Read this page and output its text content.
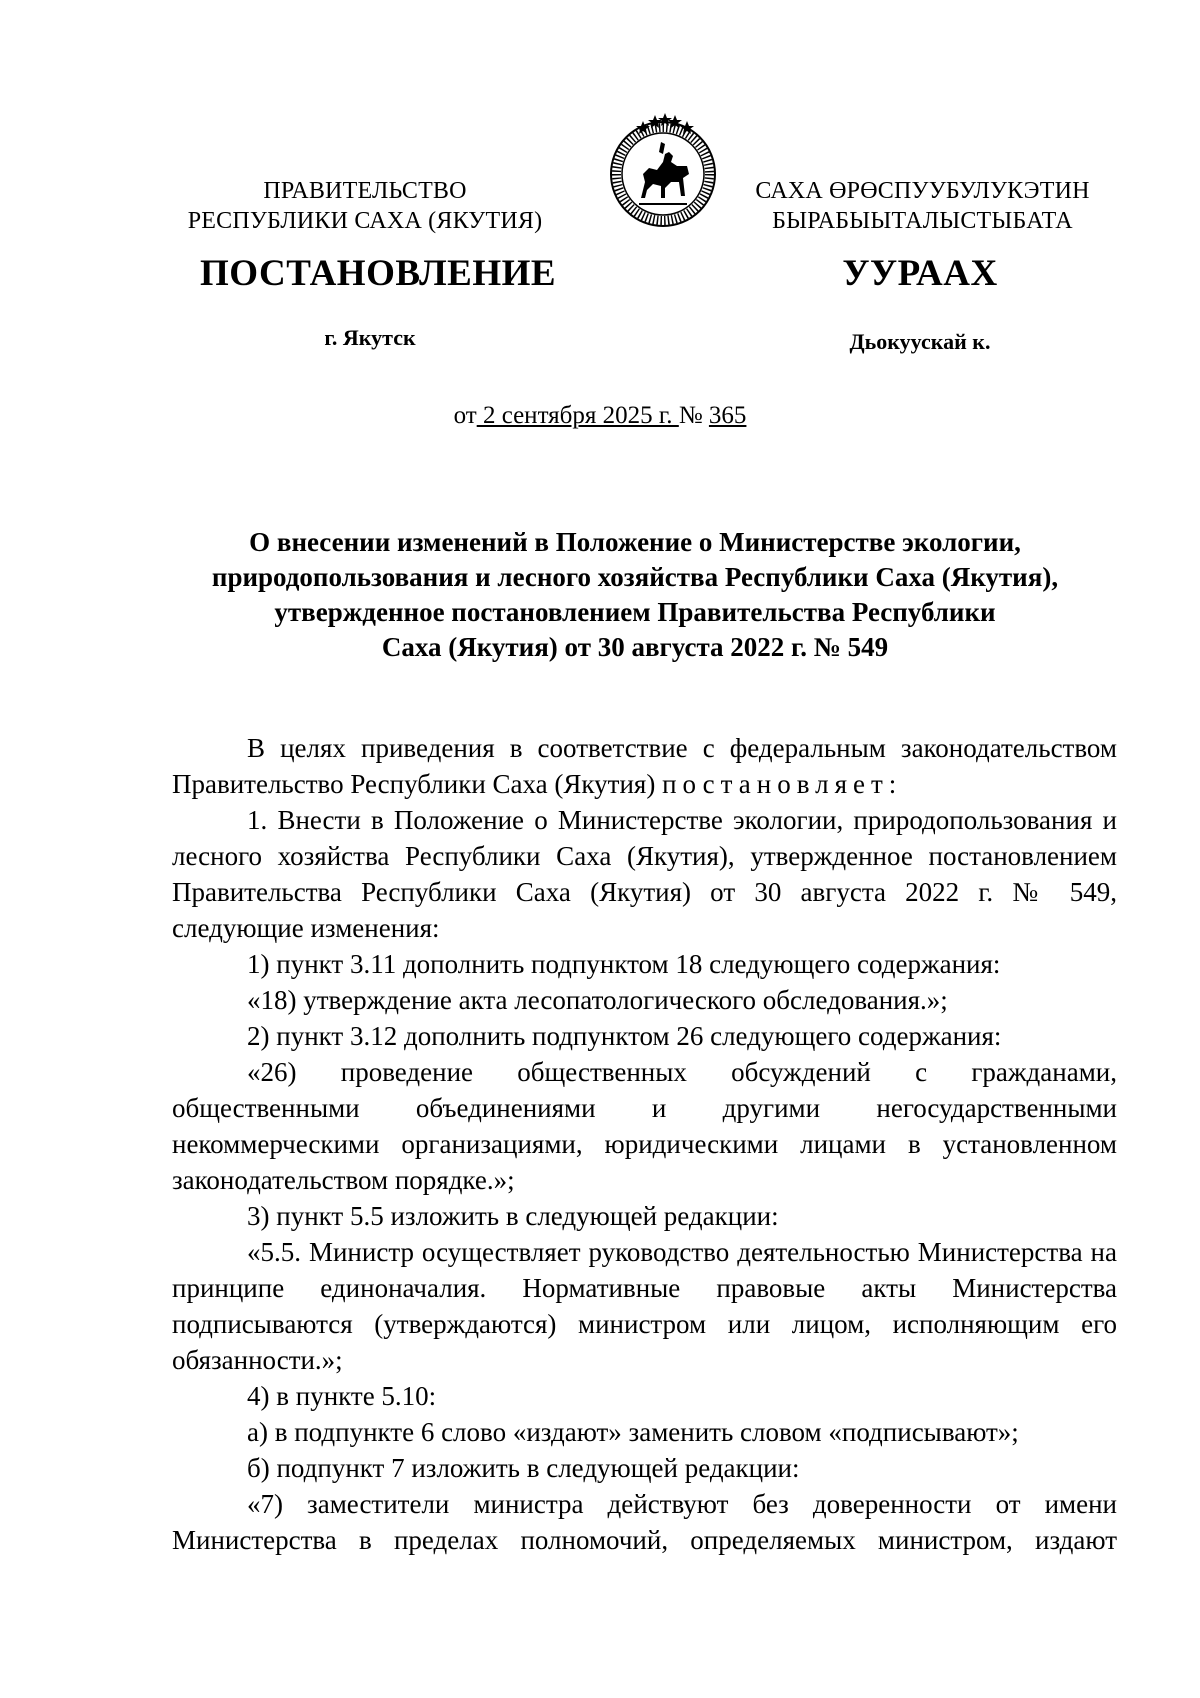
ПРАВИТЕЛЬСТВО
РЕСПУБЛИКИ САХА (ЯКУТИЯ)
САХА ӨРӨСПУУБУЛУКЭТИН
БЫРАБЫЫТАЛЫСТЫБАТА
ПОСТАНОВЛЕНИЕ	УУРААХ
г. Якутск	Дьокуускай к.
от 2 сентября 2025 г. № 365
О внесении изменений в Положение о Министерстве экологии,
природопользования и лесного хозяйства Республики Саха (Якутия),
утвержденное постановлением Правительства Республики
Саха (Якутия) от 30 августа 2022 г. № 549

В целях приведения в соответствие с федеральным законодательством Правительство Республики Саха (Якутия) постановляет:

1. Внести в Положение о Министерстве экологии, природопользования и лесного хозяйства Республики Саха (Якутия), утвержденное постановлением Правительства Республики Саха (Якутия) от 30 августа 2022 г. № 549, следующие изменения:

1) пункт 3.11 дополнить подпунктом 18 следующего содержания:

«18) утверждение акта лесопатологического обследования.»;

2) пункт 3.12 дополнить подпунктом 26 следующего содержания:

«26) проведение общественных обсуждений с гражданами, общественными объединениями и другими негосударственными некоммерческими организациями, юридическими лицами в установленном законодательством порядке.»;

3) пункт 5.5 изложить в следующей редакции:

«5.5. Министр осуществляет руководство деятельностью Министерства на принципе единоначалия. Нормативные правовые акты Министерства подписываются (утверждаются) министром или лицом, исполняющим его обязанности.»;

4) в пункте 5.10:

а) в подпункте 6 слово «издают» заменить словом «подписывают»;

б) подпункт 7 изложить в следующей редакции:

«7) заместители министра действуют без доверенности от имени Министерства в пределах полномочий, определяемых министром, издают
